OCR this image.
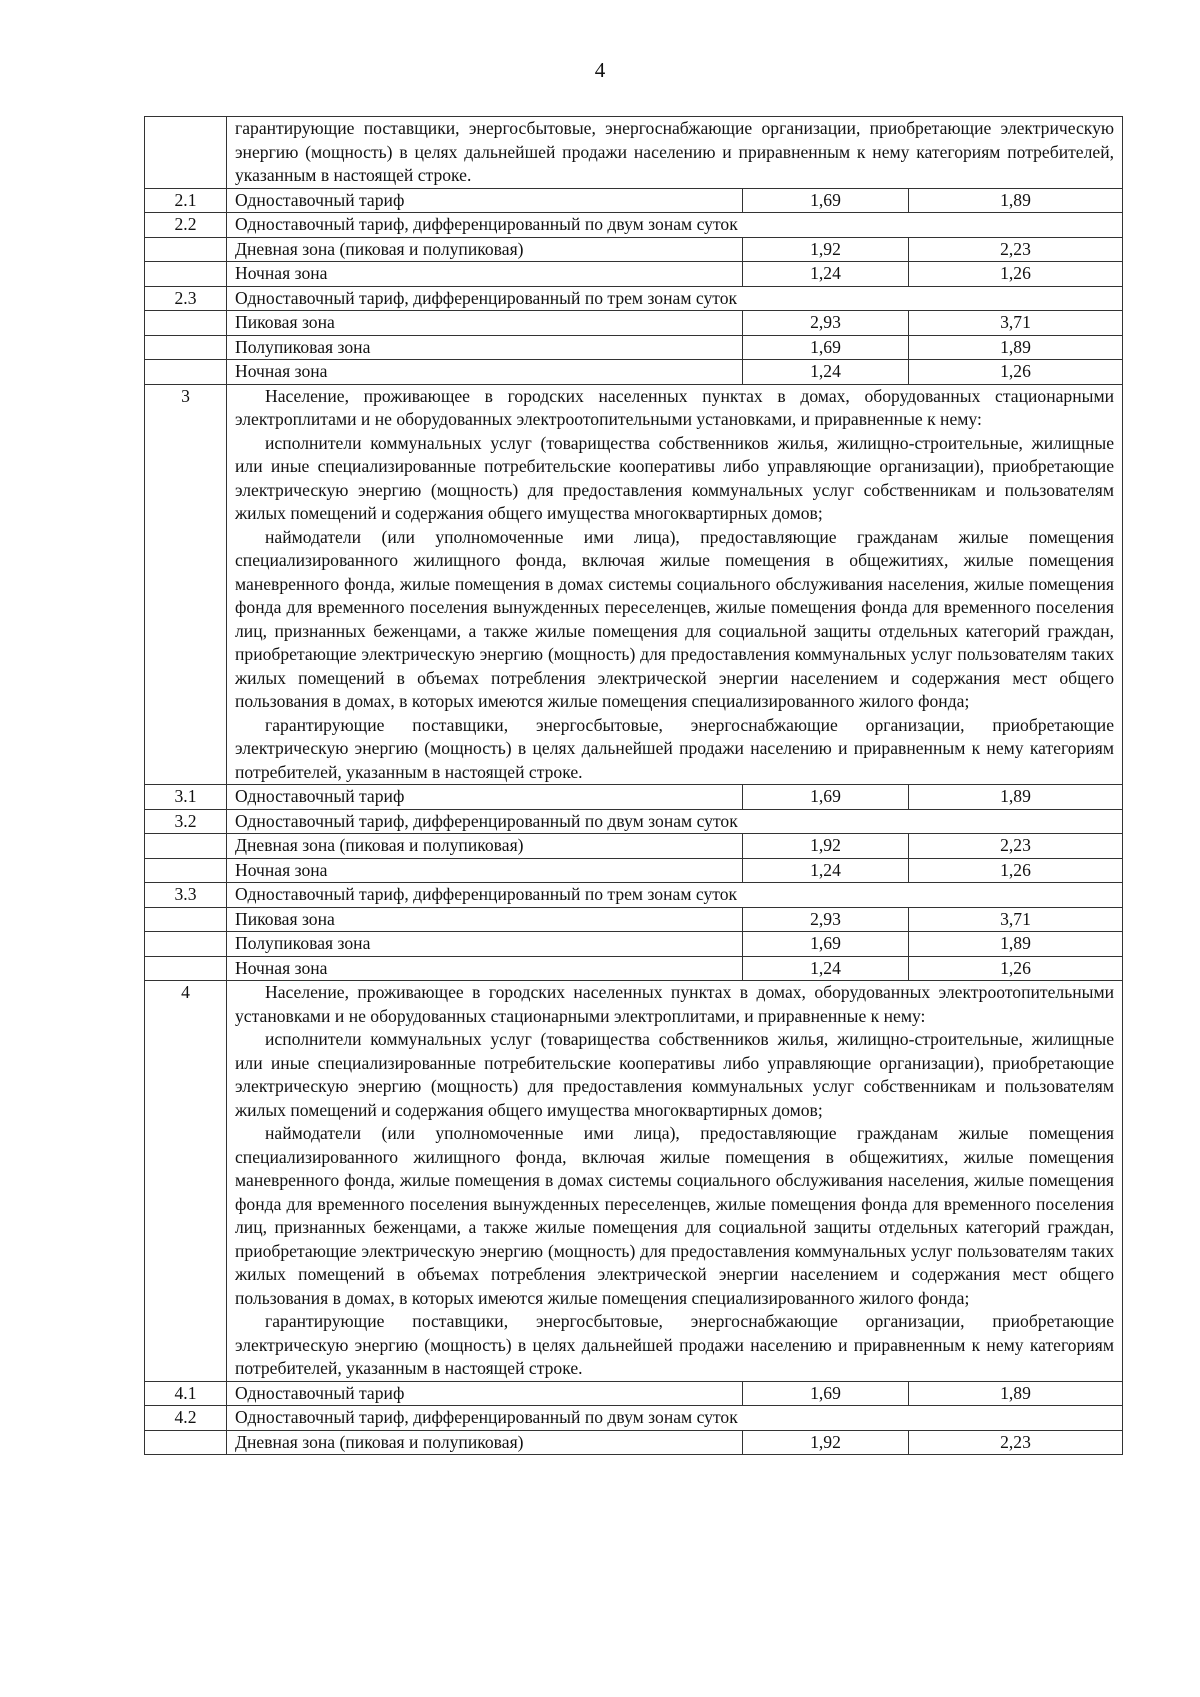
4

	гарантирующие поставщики, энергосбытовые, энергоснабжающие организации, приобретающие электрическую энергию (мощность) в целях дальнейшей продажи населению и приравненным к нему категориям потребителей, указанным в настоящей строке.		

2.1	Одноставочный тариф	1,69	1,89
2.2	Одноставочный тариф, дифференцированный по двум зонам суток		
	Дневная зона (пиковая и полупиковая)	1,92	2,23
	Ночная зона	1,24	1,26
2.3	Одноставочный тариф, дифференцированный по трем зонам суток		
	Пиковая зона	2,93	3,71
	Полупиковая зона	1,69	1,89
	Ночная зона	1,24	1,26
3	Население, проживающее в городских населенных пунктах в домах, оборудованных стационарными электроплитами и не оборудованных электроотопительными установками, и приравненные к нему:

исполнители коммунальных услуг (товарищества собственников жилья, жилищно-строительные, жилищные или иные специализированные потребительские кооперативы либо управляющие организации), приобретающие электрическую энергию (мощность) для предоставления коммунальных услуг собственникам и пользователям жилых помещений и содержания общего имущества многоквартирных домов;

наймодатели (или уполномоченные ими лица), предоставляющие гражданам жилые помещения специализированного жилищного фонда, включая жилые помещения в общежитиях, жилые помещения маневренного фонда, жилые помещения в домах системы социального обслуживания населения, жилые помещения фонда для временного поселения вынужденных переселенцев, жилые помещения фонда для временного поселения лиц, признанных беженцами, а также жилые помещения для социальной защиты отдельных категорий граждан, приобретающие электрическую энергию (мощность) для предоставления коммунальных услуг пользователям таких жилых помещений в объемах потребления электрической энергии населением и содержания мест общего пользования в домах, в которых имеются жилые помещения специализированного жилого фонда;

гарантирующие поставщики, энергосбытовые, энергоснабжающие организации, приобретающие электрическую энергию (мощность) в целях дальнейшей продажи населению и приравненным к нему категориям потребителей, указанным в настоящей строке.		

3.1	Одноставочный тариф	1,69	1,89
3.2	Одноставочный тариф, дифференцированный по двум зонам суток		
	Дневная зона (пиковая и полупиковая)	1,92	2,23
	Ночная зона	1,24	1,26
3.3	Одноставочный тариф, дифференцированный по трем зонам суток		
	Пиковая зона	2,93	3,71
	Полупиковая зона	1,69	1,89
	Ночная зона	1,24	1,26
4	Население, проживающее в городских населенных пунктах в домах, оборудованных электроотопительными установками и не оборудованных стационарными электроплитами, и приравненные к нему:

исполнители коммунальных услуг (товарищества собственников жилья, жилищно-строительные, жилищные или иные специализированные потребительские кооперативы либо управляющие организации), приобретающие электрическую энергию (мощность) для предоставления коммунальных услуг собственникам и пользователям жилых помещений и содержания общего имущества многоквартирных домов;

наймодатели (или уполномоченные ими лица), предоставляющие гражданам жилые помещения специализированного жилищного фонда, включая жилые помещения в общежитиях, жилые помещения маневренного фонда, жилые помещения в домах системы социального обслуживания населения, жилые помещения фонда для временного поселения вынужденных переселенцев, жилые помещения фонда для временного поселения лиц, признанных беженцами, а также жилые помещения для социальной защиты отдельных категорий граждан, приобретающие электрическую энергию (мощность) для предоставления коммунальных услуг пользователям таких жилых помещений в объемах потребления электрической энергии населением и содержания мест общего пользования в домах, в которых имеются жилые помещения специализированного жилого фонда;

гарантирующие поставщики, энергосбытовые, энергоснабжающие организации, приобретающие электрическую энергию (мощность) в целях дальнейшей продажи населению и приравненным к нему категориям потребителей, указанным в настоящей строке.		

4.1	Одноставочный тариф	1,69	1,89
4.2	Одноставочный тариф, дифференцированный по двум зонам суток		
	Дневная зона (пиковая и полупиковая)	1,92	2,23
